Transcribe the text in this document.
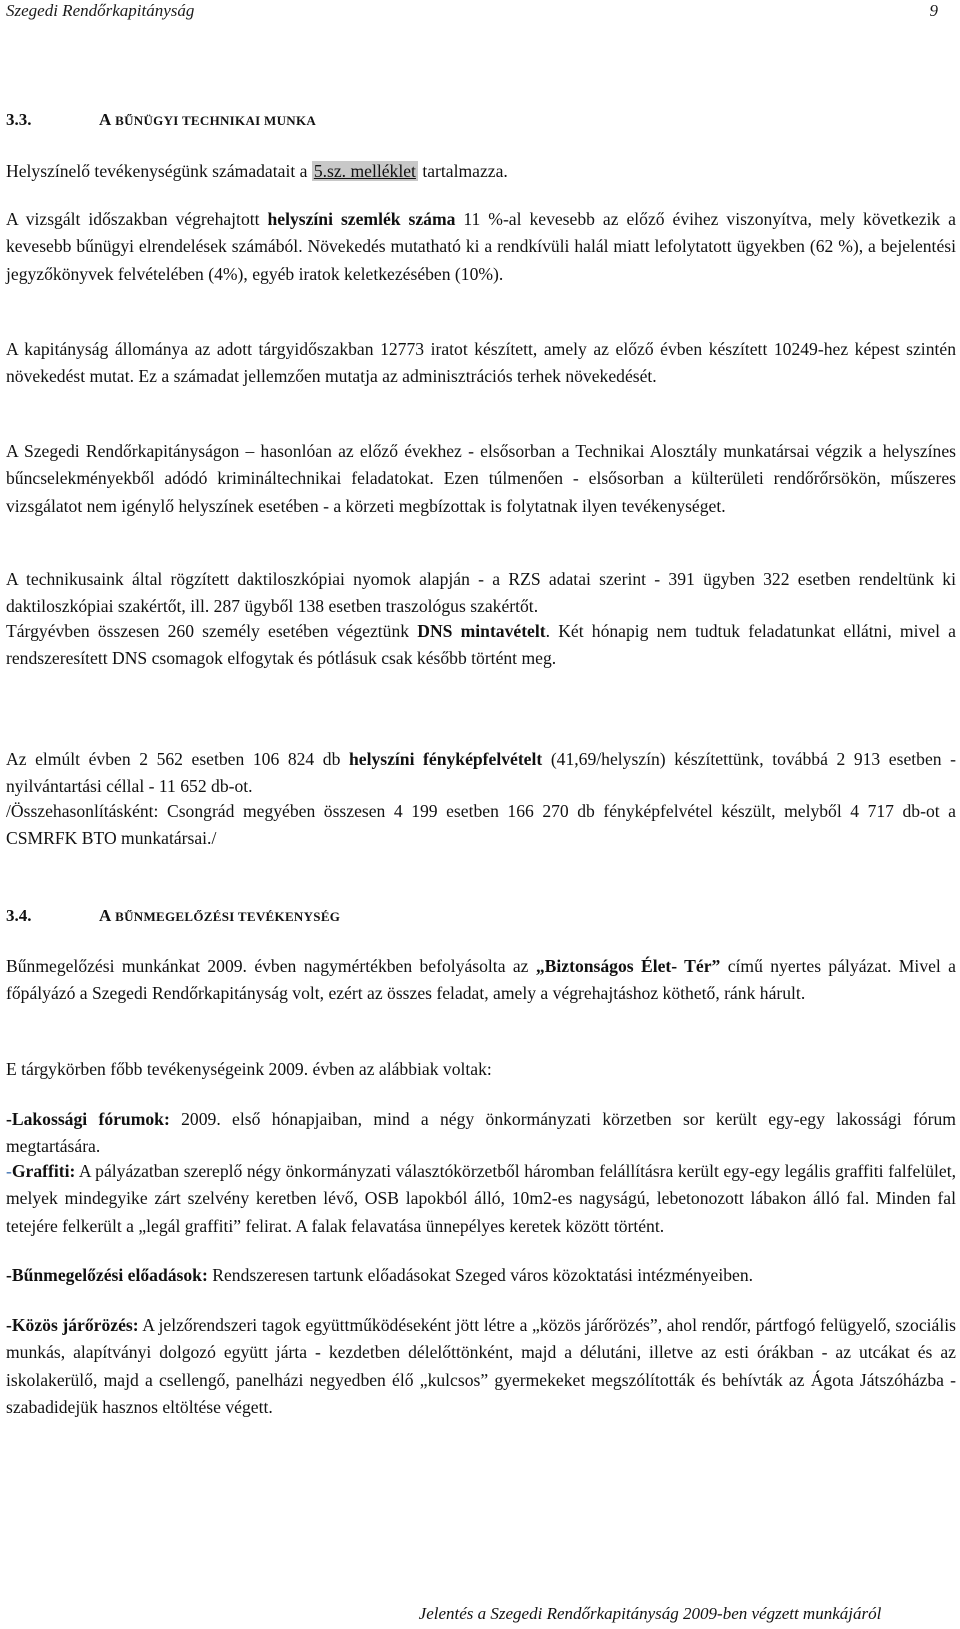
Szegedi Rendőrkapitányság	9
3.3.	A BŰNÜGYI TECHNIKAI MUNKA

Helyszínelő tevékenységünk számadatait a 5.sz. melléklet tartalmazza.

A vizsgált időszakban végrehajtott helyszíni szemlék száma 11 %-al kevesebb az előző évihez viszonyítva, mely következik a kevesebb bűnügyi elrendelések számából. Növekedés mutatható ki a rendkívüli halál miatt lefolytatott ügyekben (62 %), a bejelentési jegyzőkönyvek felvételében (4%), egyéb iratok keletkezésében (10%).

A kapitányság állománya az adott tárgyidőszakban 12773 iratot készített, amely az előző évben készített 10249-hez képest szintén növekedést mutat. Ez a számadat jellemzően mutatja az adminisztrációs terhek növekedését.

A Szegedi Rendőrkapitányságon – hasonlóan az előző évekhez - elsősorban a Technikai Alosztály munkatársai végzik a helyszínes bűncselekményekből adódó krimináltechnikai feladatokat. Ezen túlmenően - elsősorban a külterületi rendőrőrsökön, műszeres vizsgálatot nem igénylő helyszínek esetében - a körzeti megbízottak is folytatnak ilyen tevékenységet.

A technikusaink által rögzített daktiloszkópiai nyomok alapján - a RZS adatai szerint - 391 ügyben 322 esetben rendeltünk ki daktiloszkópiai szakértőt, ill. 287 ügyből 138 esetben traszológus szakértőt.

Tárgyévben összesen 260 személy esetében végeztünk DNS mintavételt. Két hónapig nem tudtuk feladatunkat ellátni, mivel a rendszeresített DNS csomagok elfogytak és pótlásuk csak később történt meg.

Az elmúlt évben 2 562 esetben 106 824 db helyszíni fényképfelvételt (41,69/helyszín) készítettünk, továbbá 2 913 esetben - nyilvántartási céllal - 11 652 db-ot.

/Összehasonlításként: Csongrád megyében összesen 4 199 esetben 166 270 db fényképfelvétel készült, melyből 4 717 db-ot a CSMRFK BTO munkatársai./

3.4.	A BŰNMEGELŐZÉSI TEVÉKENYSÉG

Bűnmegelőzési munkánkat 2009. évben nagymértékben befolyásolta az „Biztonságos Élet- Tér” című nyertes pályázat. Mivel a főpályázó a Szegedi Rendőrkapitányság volt, ezért az összes feladat, amely a végrehajtáshoz köthető, ránk hárult.

E tárgykörben főbb tevékenységeink 2009. évben az alábbiak voltak:

-Lakossági fórumok: 2009. első hónapjaiban, mind a négy önkormányzati körzetben sor került egy-egy lakossági fórum megtartására.

-Graffiti: A pályázatban szereplő négy önkormányzati választókörzetből háromban felállításra került egy-egy legális graffiti falfelület, melyek mindegyike zárt szelvény keretben lévő, OSB lapokból álló, 10m2-es nagyságú, lebetonozott lábakon álló fal. Minden fal tetejére felkerült a „legál graffiti” felirat. A falak felavatása ünnepélyes keretek között történt.

-Bűnmegelőzési előadások: Rendszeresen tartunk előadásokat Szeged város közoktatási intézményeiben.

-Közös járőrözés: A jelzőrendszeri tagok együttműködéseként jött létre a „közös járőrözés”, ahol rendőr, pártfogó felügyelő, szociális munkás, alapítványi dolgozó együtt járta - kezdetben délelőttönként, majd a délutáni, illetve az esti órákban - az utcákat és az iskolakerülő, majd a csellengő, panelházi negyedben élő „kulcsos” gyermekeket megszólították és behívták az Ágota Játszóházba - szabadidejük hasznos eltöltése végett.

Jelentés a Szegedi Rendőrkapitányság 2009-ben végzett munkájáról
